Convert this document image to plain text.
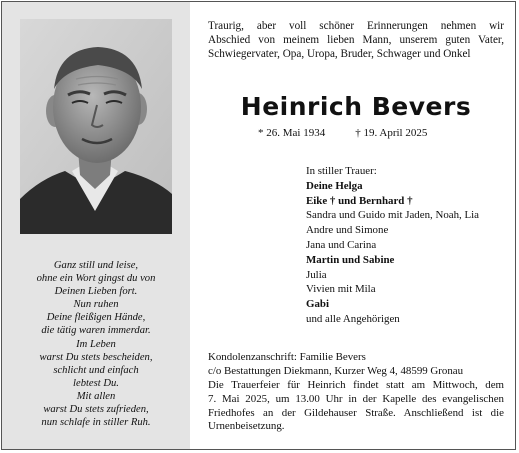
Ganz still und leise,
ohne ein Wort gingst du von
Deinen Lieben fort.
Nun ruhen
Deine fleißigen Hände,
die tätig waren immerdar.
Im Leben
warst Du stets bescheiden,
schlicht und einfach
lebtest Du.
Mit allen
warst Du stets zufrieden,
nun schlafe in stiller Ruh.
Traurig, aber voll schöner Erinnerungen nehmen wir
Abschied von meinem lieben Mann, unserem guten Vater,
Schwiegervater, Opa, Uropa, Bruder, Schwager und Onkel
Heinrich Bevers
* 26. Mai 1934	† 19. April 2025
In stiller Trauer:
Deine Helga
Eike † und Bernhard †
Sandra und Guido mit Jaden, Noah, Lia
Andre und Simone
Jana und Carina
Martin und Sabine
Julia
Vivien mit Mila
Gabi
und alle Angehörigen
Kondolenzanschrift: Familie Bevers
c/o Bestattungen Diekmann, Kurzer Weg 4, 48599 Gronau
Die Trauerfeier für Heinrich findet statt am Mittwoch, dem
7. Mai 2025, um 13.00 Uhr in der Kapelle des evangelischen
Friedhofes an der Gildehauser Straße. Anschließend ist die
Urnenbeisetzung.
